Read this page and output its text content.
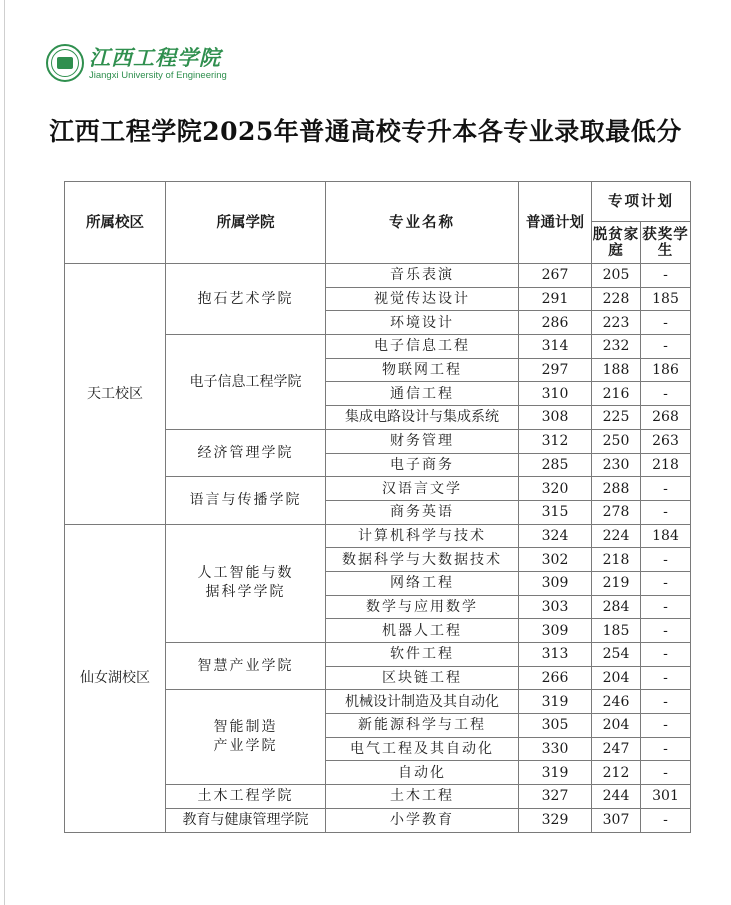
江西工程学院
Jiangxi University of Engineering
江西工程学院2025年普通高校专升本各专业录取最低分
所属校区	所属学院	专业名称	普通计划	专项计划	
				脱贫家庭	获奖学生
天工校区	抱石艺术学院	音乐表演	267	205	-
		视觉传达设计	291	228	185
		环境设计	286	223	-
	电子信息工程学院	电子信息工程	314	232	-
		物联网工程	297	188	186
		通信工程	310	216	-
		集成电路设计与集成系统	308	225	268
	经济管理学院	财务管理	312	250	263
		电子商务	285	230	218
	语言与传播学院	汉语言文学	320	288	-
		商务英语	315	278	-
仙女湖校区	人工智能与数据科学学院	计算机科学与技术	324	224	184
		数据科学与大数据技术	302	218	-
		网络工程	309	219	-
		数学与应用数学	303	284	-
		机器人工程	309	185	-
	智慧产业学院	软件工程	313	254	-
		区块链工程	266	204	-
	智能制造产业学院	机械设计制造及其自动化	319	246	-
		新能源科学与工程	305	204	-
		电气工程及其自动化	330	247	-
		自动化	319	212	-
	土木工程学院	土木工程	327	244	301
	教育与健康管理学院	小学教育	329	307	-
